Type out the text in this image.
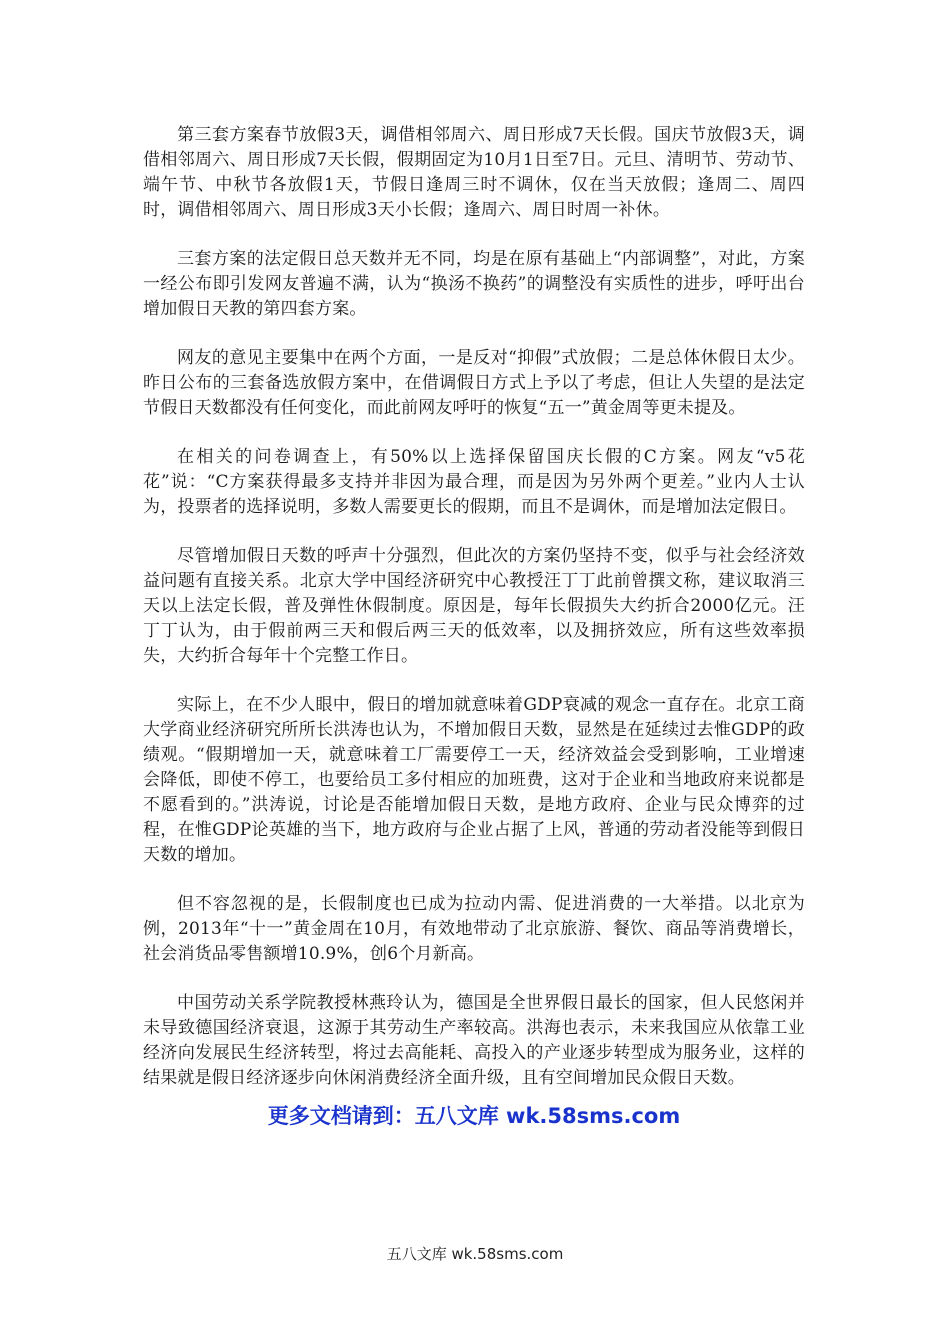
第三套方案春节放假3天，调借相邻周六、周日形成7天长假。国庆节放假3天，调借相邻周六、周日形成7天长假，假期固定为10月1日至7日。元旦、清明节、劳动节、端午节、中秋节各放假1天，节假日逢周三时不调休，仅在当天放假；逢周二、周四时，调借相邻周六、周日形成3天小长假；逢周六、周日时周一补休。

三套方案的法定假日总天数并无不同，均是在原有基础上“内部调整”，对此，方案一经公布即引发网友普遍不满，认为“换汤不换药”的调整没有实质性的进步，呼吁出台增加假日天教的第四套方案。

网友的意见主要集中在两个方面，一是反对“抑假”式放假；二是总体休假日太少。昨日公布的三套备选放假方案中，在借调假日方式上予以了考虑，但让人失望的是法定节假日天数都没有任何变化，而此前网友呼吁的恢复“五一”黄金周等更未提及。

在相关的问卷调查上，有50%以上选择保留国庆长假的C方案。网友“v5花花”说：“C方案获得最多支持并非因为最合理，而是因为另外两个更差。”业内人士认为，投票者的选择说明，多数人需要更长的假期，而且不是调休，而是增加法定假日。

尽管增加假日天数的呼声十分强烈，但此次的方案仍坚持不变，似乎与社会经济效益问题有直接关系。北京大学中国经济研究中心教授汪丁丁此前曾撰文称，建议取消三天以上法定长假，普及弹性休假制度。原因是，每年长假损失大约折合2000亿元。汪丁丁认为，由于假前两三天和假后两三天的低效率，以及拥挤效应，所有这些效率损失，大约折合每年十个完整工作日。

实际上，在不少人眼中，假日的增加就意味着GDP衰减的观念一直存在。北京工商大学商业经济研究所所长洪涛也认为，不增加假日天数，显然是在延续过去惟GDP的政绩观。“假期增加一天，就意味着工厂需要停工一天，经济效益会受到影响，工业增速会降低，即使不停工，也要给员工多付相应的加班费，这对于企业和当地政府来说都是不愿看到的。”洪涛说，讨论是否能增加假日天数，是地方政府、企业与民众博弈的过程，在惟GDP论英雄的当下，地方政府与企业占据了上风，普通的劳动者没能等到假日天数的增加。

但不容忽视的是，长假制度也已成为拉动内需、促进消费的一大举措。以北京为例，2013年“十一”黄金周在10月，有效地带动了北京旅游、餐饮、商品等消费增长，社会消货品零售额增10.9%，创6个月新高。

中国劳动关系学院教授林燕玲认为，德国是全世界假日最长的国家，但人民悠闲并未导致德国经济衰退，这源于其劳动生产率较高。洪海也表示，未来我国应从依靠工业经济向发展民生经济转型，将过去高能耗、高投入的产业逐步转型成为服务业，这样的结果就是假日经济逐步向休闲消费经济全面升级，且有空间增加民众假日天数。

更多文档请到：五八文库 wk.58sms.com
五八文库 wk.58sms.com
